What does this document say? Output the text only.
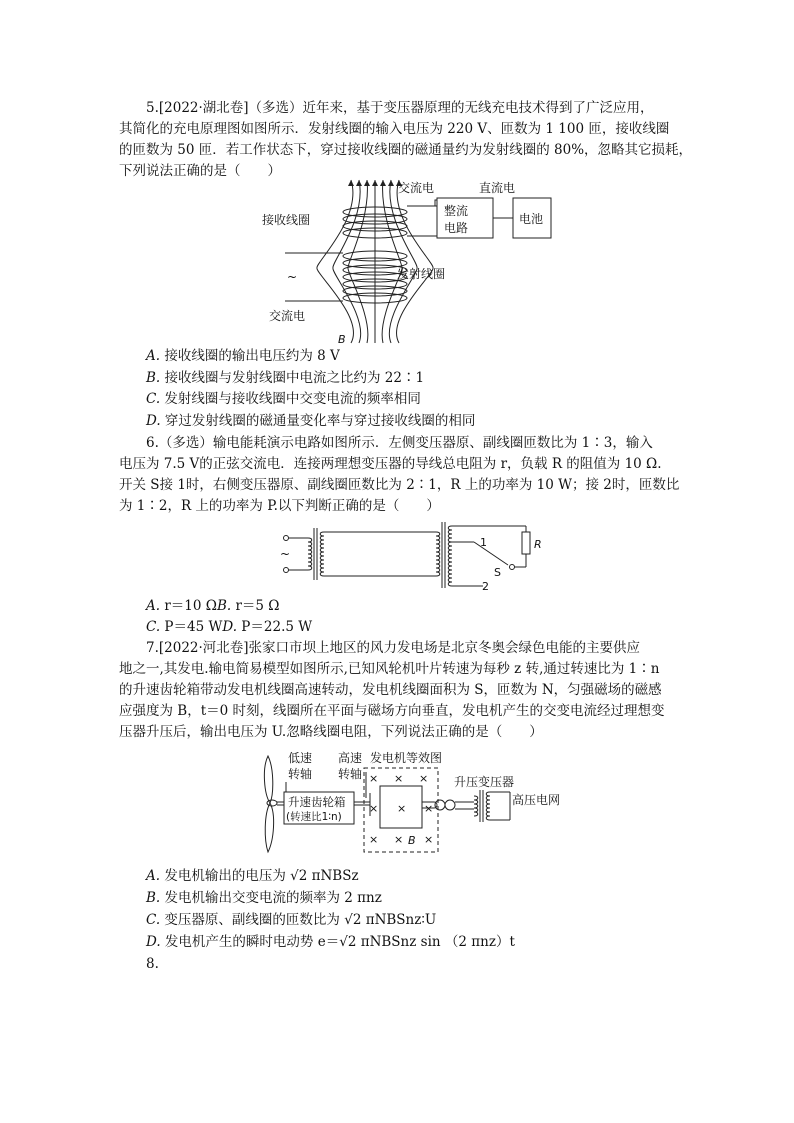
5.[2022·湖北卷]（多选）近年来，基于变压器原理的无线充电技术得到了广泛应用，
其简化的充电原理图如图所示．发射线圈的输入电压为 220 V、匝数为 1 100 匝，接收线圈
的匝数为 50 匝．若工作状态下，穿过接收线圈的磁通量约为发射线圈的 80%，忽略其它损耗，
下列说法正确的是（　　）
交流电	直流电
接收线圈
整流
电路
电池
~	发射线圈
交流电
B
A. 接收线圈的输出电压约为 8 V
B. 接收线圈与发射线圈中电流之比约为 22∶1
C. 发射线圈与接收线圈中交变电流的频率相同
D. 穿过发射线圈的磁通量变化率与穿过接收线圈的相同
6.（多选）输电能耗演示电路如图所示．左侧变压器原、副线圈匝数比为 1∶3，输入
电压为 7.5 V的正弦交流电．连接两理想变压器的导线总电阻为 r，负载 R 的阻值为 10 Ω.
开关 S接 1时，右侧变压器原、副线圈匝数比为 2∶1，R 上的功率为 10 W；接 2时，匝数比
为 1∶2，R 上的功率为 P.以下判断正确的是（　　）
~
1
2
S
R
A. r＝10 ΩB. r＝5 Ω
C. P＝45 WD. P＝22.5 W
7.[2022·河北卷]张家口市坝上地区的风力发电场是北京冬奥会绿色电能的主要供应
地之一,其发电.输电简易模型如图所示,已知风轮机叶片转速为每秒 z 转,通过转速比为 1∶n
的升速齿轮箱带动发电机线圈高速转动，发电机线圈面积为 S，匝数为 N，匀强磁场的磁感
应强度为 B，t＝0 时刻，线圈所在平面与磁场方向垂直，发电机产生的交变电流经过理想变
压器升压后，输出电压为 U.忽略线圈电阻，下列说法正确的是（　　）
低速
转轴
高速
转轴
发电机等效图
升压变压器
高压电网
升速齿轮箱
(转速比1∶n)
× × ×
× × ×
× × ×
B
A. 发电机输出的电压为 √2 πNBSz
B. 发电机输出交变电流的频率为 2 πnz
C. 变压器原、副线圈的匝数比为 √2 πNBSnz∶U
D. 发电机产生的瞬时电动势 e＝√2 πNBSnz sin （2 πnz）t
8.
